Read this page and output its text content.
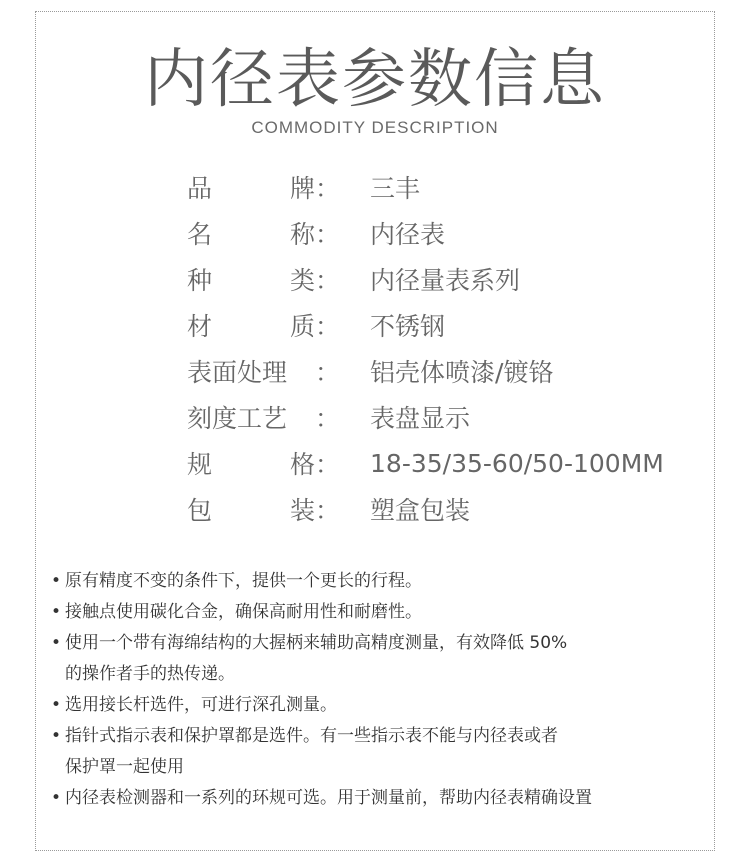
内径表参数信息
COMMODITY DESCRIPTION
品	牌 ： 三丰
名	称 ： 内径表
种	类 ： 内径量表系列
材	质 ： 不锈钢
表面处理 ： 铝壳体喷漆/镀铬
刻度工艺 ： 表盘显示
规	格 ： 18-35/35-60/50-100MM
包	装 ： 塑盒包装
• 原有精度不变的条件下，提供一个更长的行程。
• 接触点使用碳化合金，确保高耐用性和耐磨性。
• 使用一个带有海绵结构的大握柄来辅助高精度测量，有效降低 50%
的操作者手的热传递。
• 选用接长杆选件，可进行深孔测量。
• 指针式指示表和保护罩都是选件。有一些指示表不能与内径表或者
保护罩一起使用
• 内径表检测器和一系列的环规可选。用于测量前，帮助内径表精确设置
